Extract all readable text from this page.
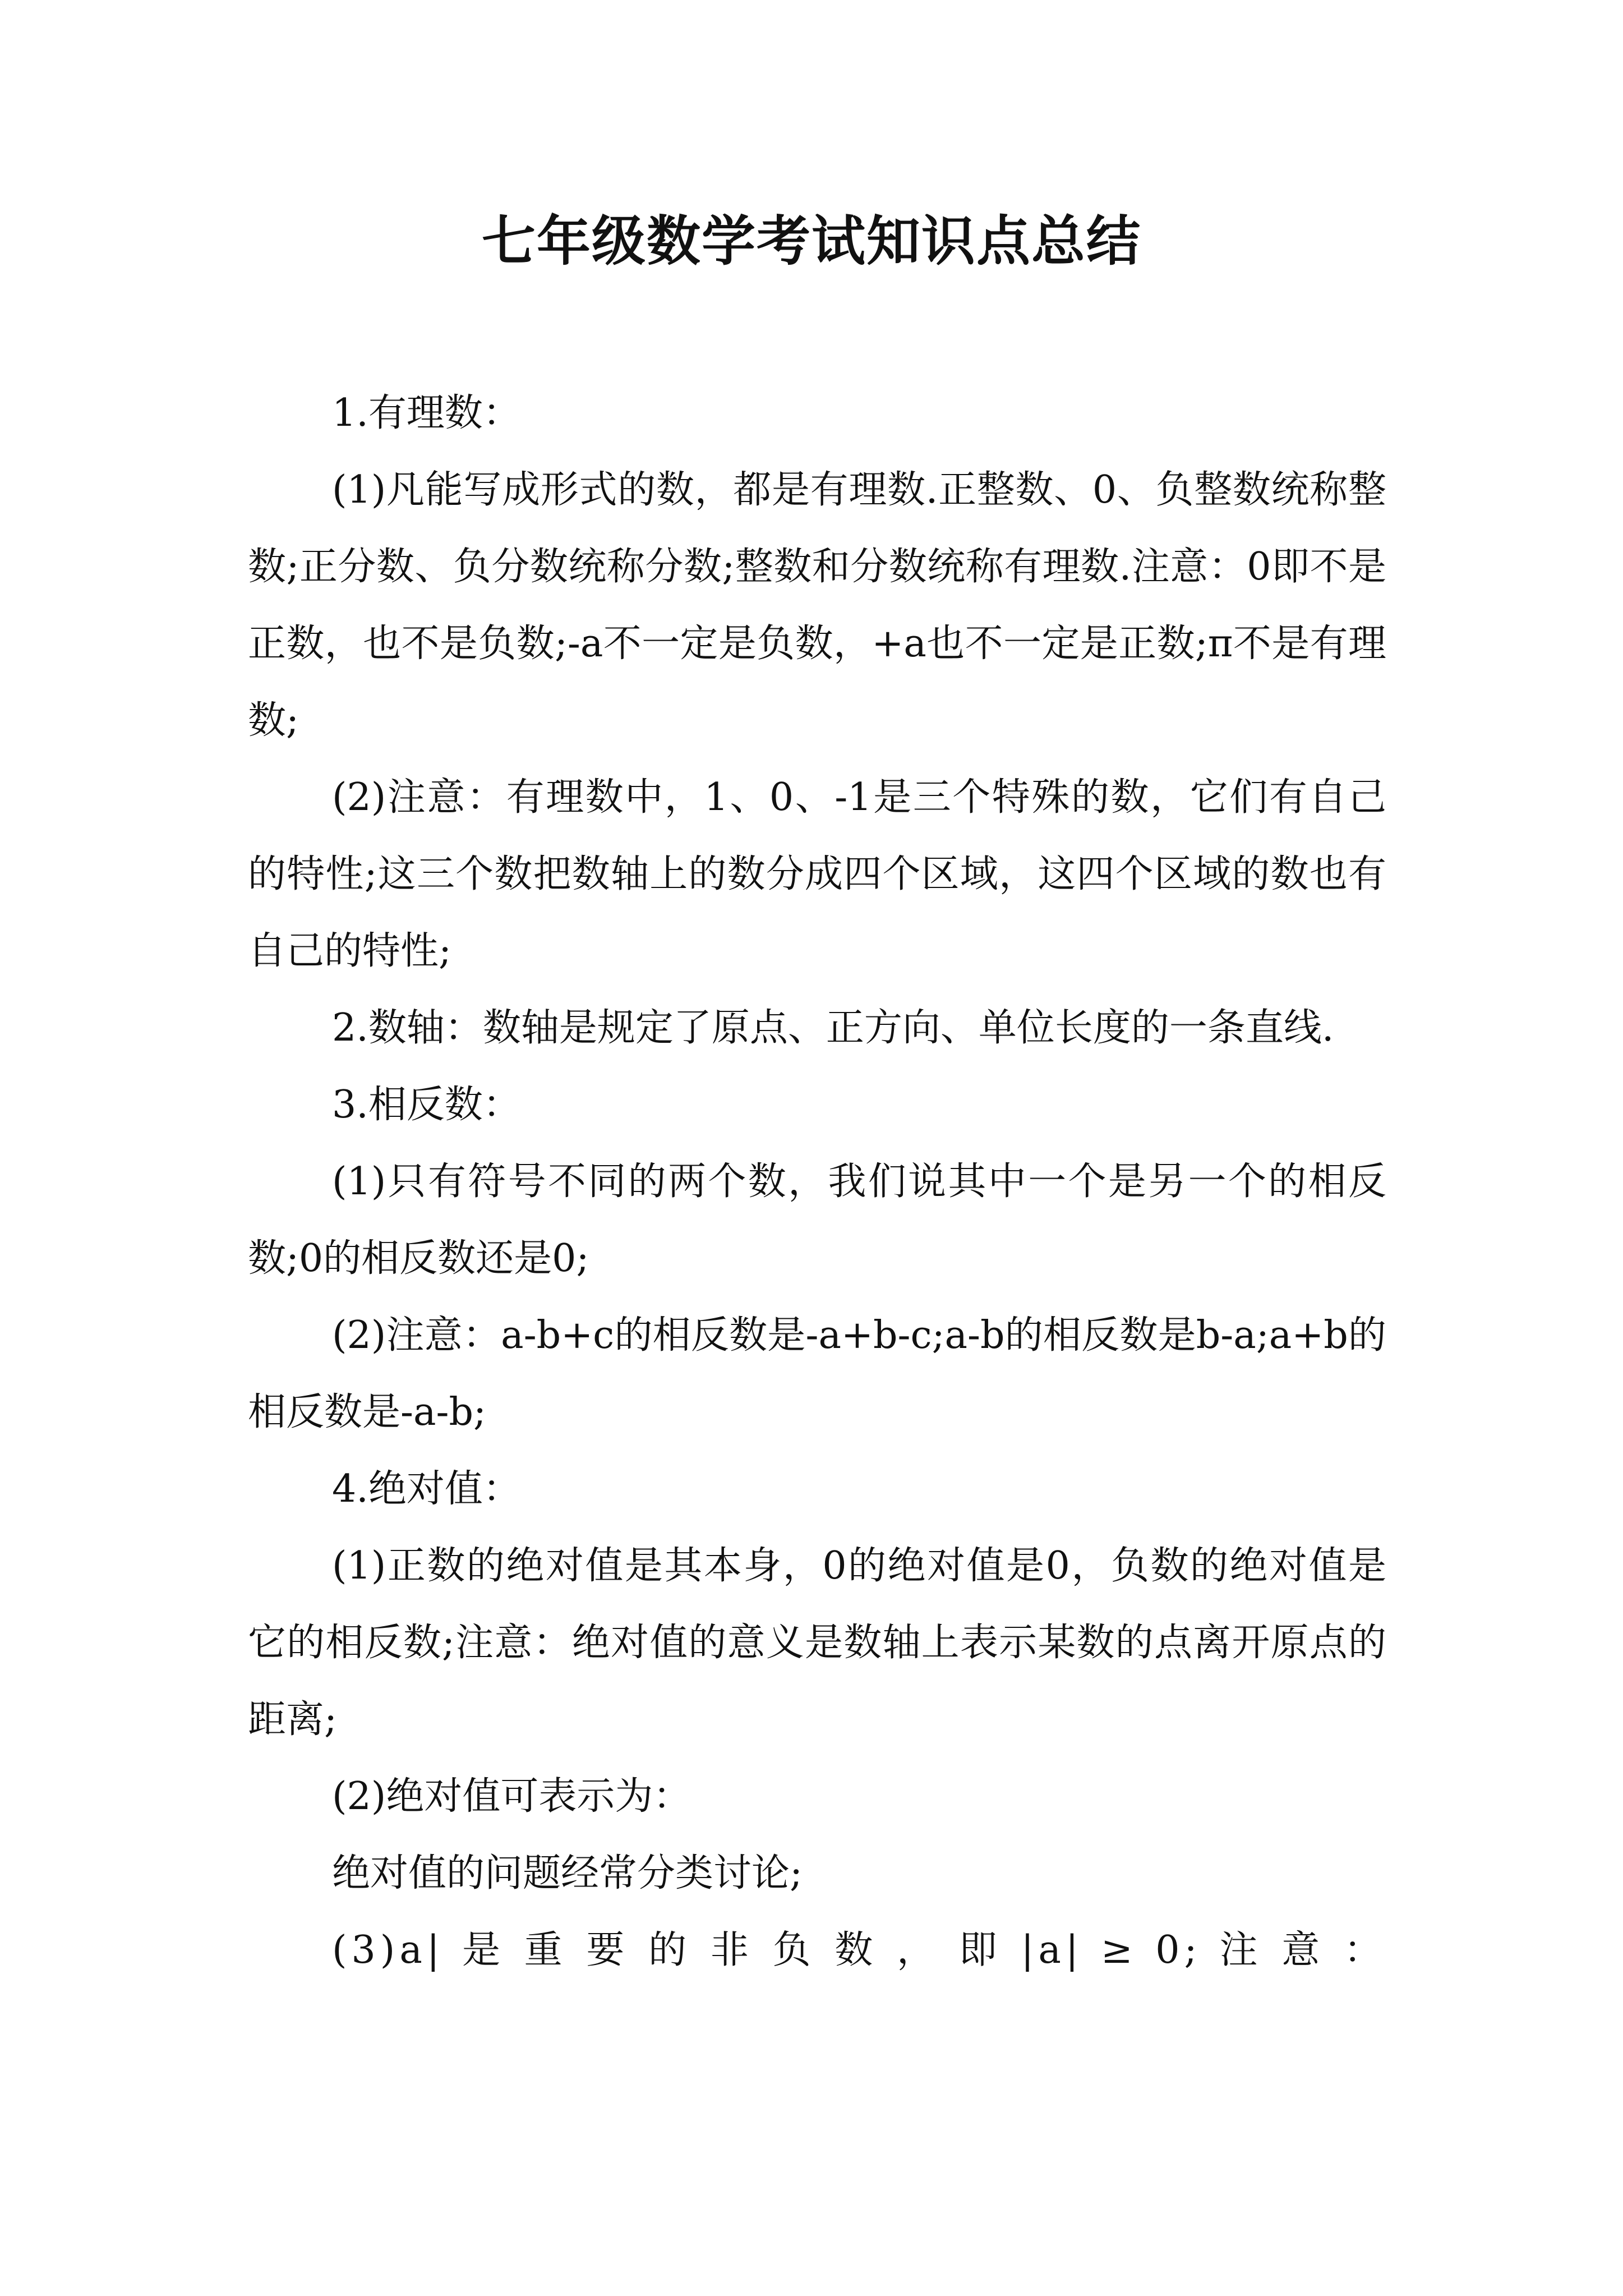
七年级数学考试知识点总结

1.有理数：

(1)凡能写成形式的数，都是有理数.正整数、0、负整数统称整数;正分数、负分数统称分数;整数和分数统称有理数.注意：0即不是正数，也不是负数;-a不一定是负数，+a也不一定是正数;π不是有理数;

(2)注意：有理数中，1、0、-1是三个特殊的数，它们有自己的特性;这三个数把数轴上的数分成四个区域，这四个区域的数也有自己的特性;

2.数轴：数轴是规定了原点、正方向、单位长度的一条直线.

3.相反数：

(1)只有符号不同的两个数，我们说其中一个是另一个的相反数;0的相反数还是0;

(2)注意：a-b+c的相反数是-a+b-c;a-b的相反数是b-a;a+b的相反数是-a-b;

4.绝对值：

(1)正数的绝对值是其本身，0的绝对值是0，负数的绝对值是它的相反数;注意：绝对值的意义是数轴上表示某数的点离开原点的距离;

(2)绝对值可表示为：

绝对值的问题经常分类讨论;

(3)a| 是 重 要 的 非 负 数 ， 即 |a| ≥ 0; 注 意 ：
